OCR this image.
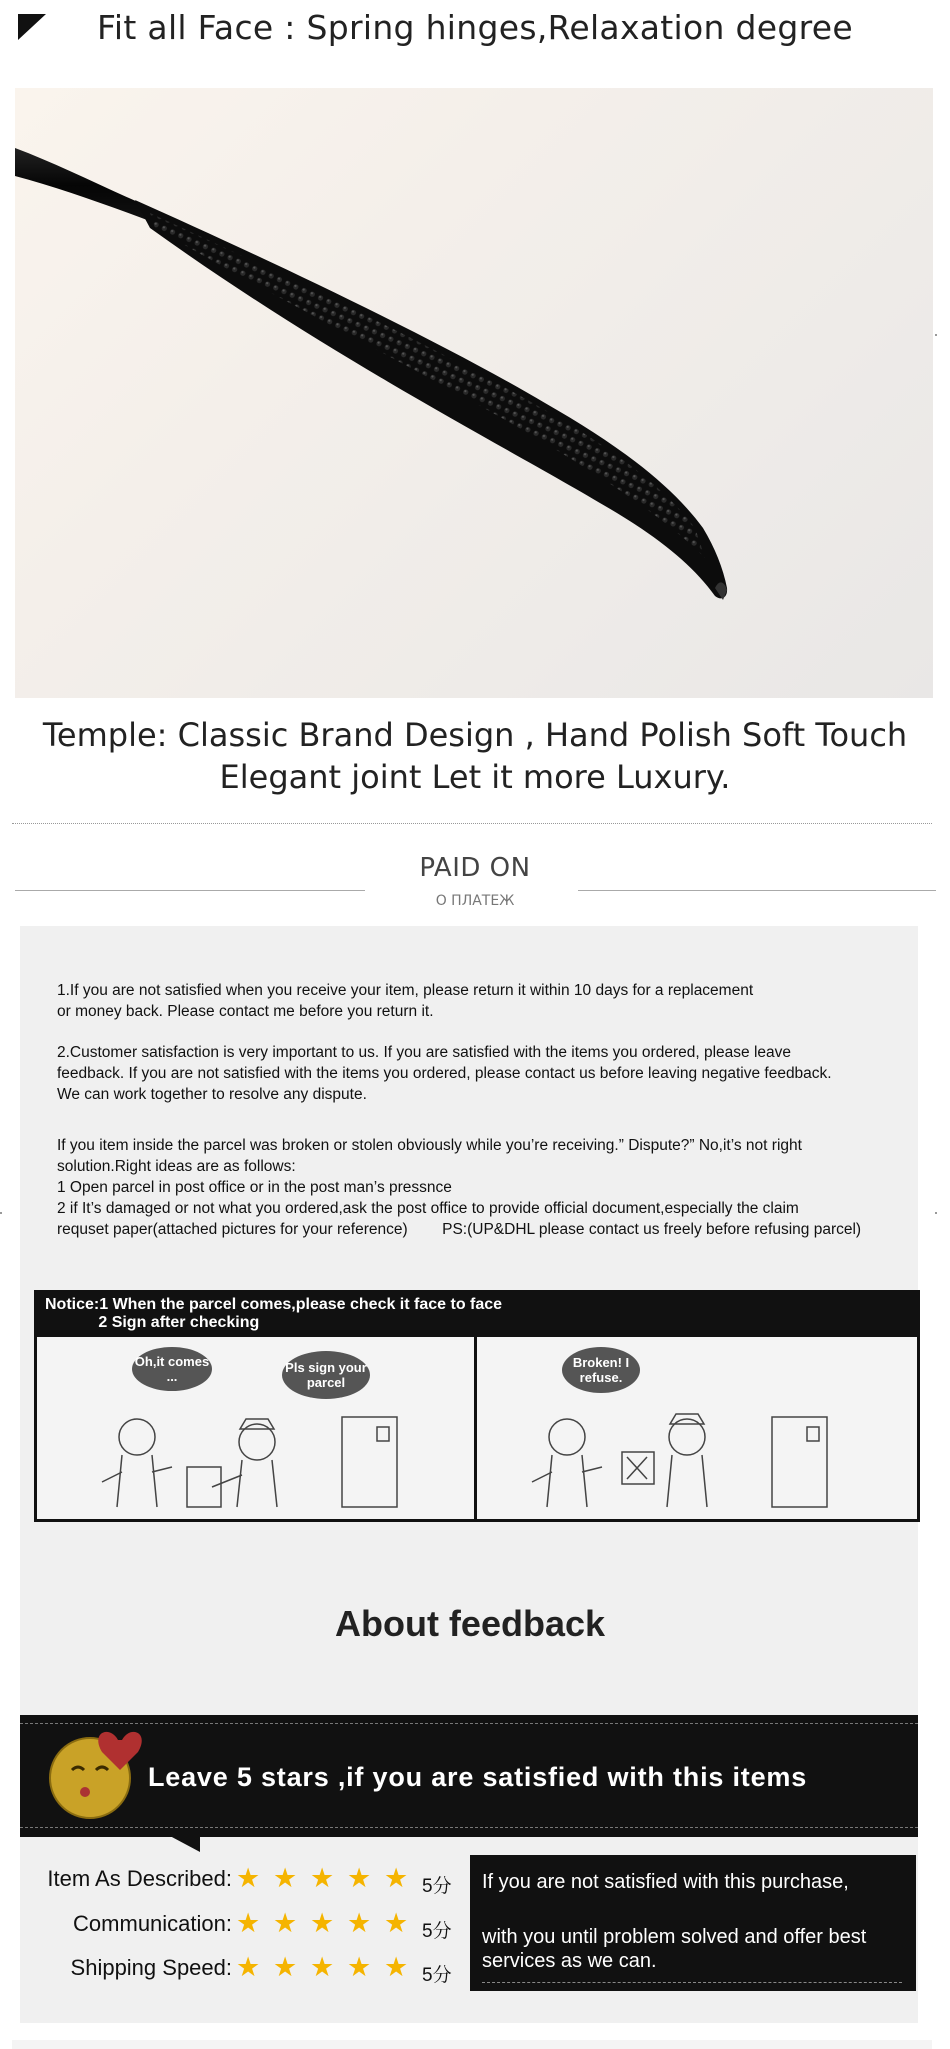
Fit all Face : Spring hinges,Relaxation degree
Temple: Classic Brand Design , Hand Polish Soft Touch
Elegant joint Let it more Luxury.
PAID ON
О ПЛАТЕЖ
1.If you are not satisfied when you receive your item, please return it within 10 days for a replacement
or money back. Please contact me before you return it.
2.Customer satisfaction is very important to us. If you are satisfied with the items you ordered, please leave
feedback. If you are not satisfied with the items you ordered, please contact us before leaving negative feedback.
We can work together to resolve any dispute.
If you item inside the parcel was broken or stolen obviously while you’re receiving.” Dispute?” No,it’s not right
solution.Right ideas are as follows:
1 Open parcel in post office or in the post man’s pressnce
2 if It’s damaged or not what you ordered,ask the post office to provide official document,especially the claim
requset paper(attached pictures for your reference)        PS:(UP&DHL please contact us freely before refusing parcel)
Notice:1 When the parcel comes,please check it face to face
2 Sign after checking
Oh,it comes ...
Pls sign your parcel
Broken! I refuse.
About feedback
Leave 5 stars ,if you are satisfied with this items
Item As Described:
Communication:
Shipping Speed:
★ ★ ★ ★ ★
★ ★ ★ ★ ★
★ ★ ★ ★ ★
5分
5分
5分
If you are not satisfied with this purchase,
with you until problem solved and offer best
services as we can.
